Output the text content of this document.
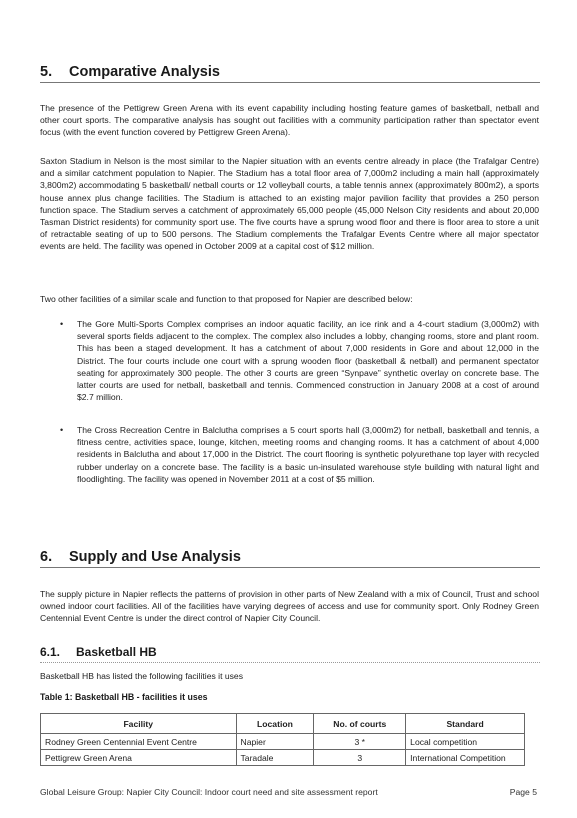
5. Comparative Analysis

The presence of the Pettigrew Green Arena with its event capability including hosting feature games of basketball, netball and other court sports. The comparative analysis has sought out facilities with a community participation rather than spectator event focus (with the event function covered by Pettigrew Green Arena).

Saxton Stadium in Nelson is the most similar to the Napier situation with an events centre already in place (the Trafalgar Centre) and a similar catchment population to Napier. The Stadium has a total floor area of 7,000m2 including a main hall (approximately 3,800m2) accommodating 5 basketball/ netball courts or 12 volleyball courts, a table tennis annex (approximately 800m2), a sports house annex plus change facilities. The Stadium is attached to an existing major pavilion facility that provides a 250 person function space. The Stadium serves a catchment of approximately 65,000 people (45,000 Nelson City residents and about 20,000 Tasman District residents) for community sport use. The five courts have a sprung wood floor and there is floor area to store a unit of retractable seating of up to 500 persons. The Stadium complements the Trafalgar Events Centre where all major spectator events are held. The facility was opened in October 2009 at a capital cost of $12 million.

Two other facilities of a similar scale and function to that proposed for Napier are described below:

• The Gore Multi-Sports Complex comprises an indoor aquatic facility, an ice rink and a 4-court stadium (3,000m2) with several sports fields adjacent to the complex. The complex also includes a lobby, changing rooms, store and plant room. This has been a staged development. It has a catchment of about 7,000 residents in Gore and about 12,000 in the District. The four courts include one court with a sprung wooden floor (basketball & netball) and permanent spectator seating for approximately 300 people. The other 3 courts are green “Synpave” synthetic overlay on concrete base. The latter courts are used for netball, basketball and tennis. Commenced construction in January 2008 at a cost of around $2.7 million.

• The Cross Recreation Centre in Balclutha comprises a 5 court sports hall (3,000m2) for netball, basketball and tennis, a fitness centre, activities space, lounge, kitchen, meeting rooms and changing rooms. It has a catchment of about 4,000 residents in Balclutha and about 17,000 in the District. The court flooring is synthetic polyurethane top layer with recycled rubber underlay on a concrete base. The facility is a basic un-insulated warehouse style building with natural light and floodlighting. The facility was opened in November 2011 at a cost of $5 million.

6. Supply and Use Analysis

The supply picture in Napier reflects the patterns of provision in other parts of New Zealand with a mix of Council, Trust and school owned indoor court facilities. All of the facilities have varying degrees of access and use for community sport. Only Rodney Green Centennial Event Centre is under the direct control of Napier City Council.

6.1. Basketball HB

Basketball HB has listed the following facilities it uses

Table 1: Basketball HB - facilities it uses
Facility	Location	No. of courts	Standard
Rodney Green Centennial Event Centre	Napier	3 *	Local competition
Pettigrew Green Arena	Taradale	3	International Competition
Global Leisure Group: Napier City Council: Indoor court need and site assessment report	Page 5
